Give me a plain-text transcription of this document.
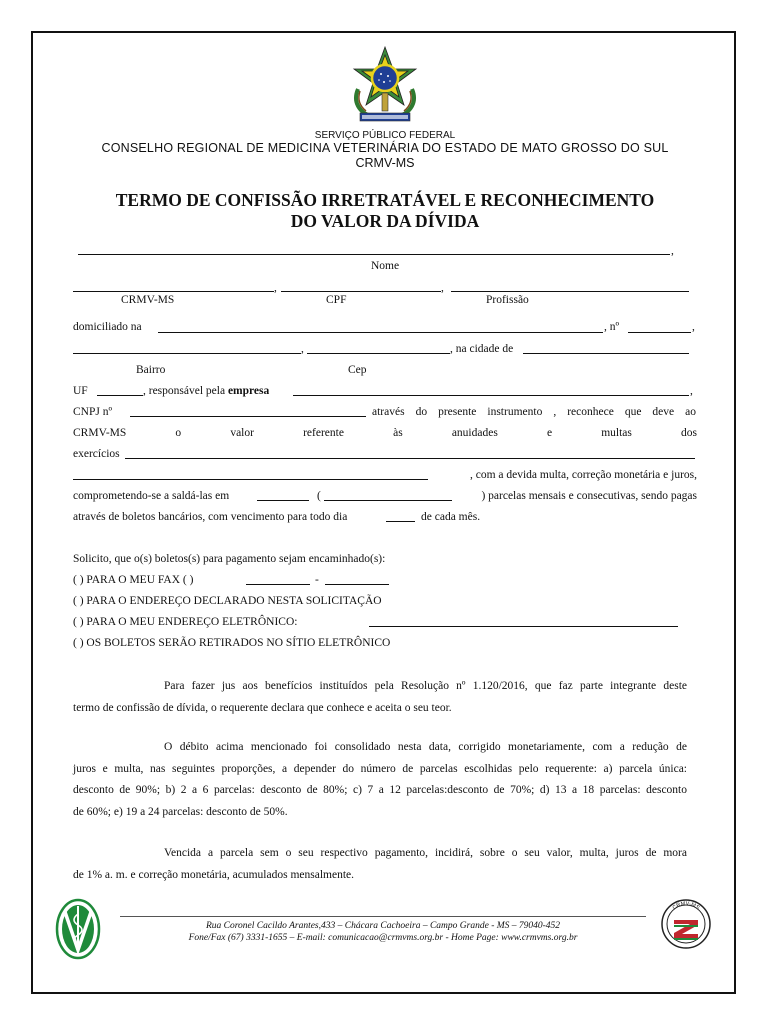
SERVIÇO PÚBLICO FEDERAL
CONSELHO REGIONAL DE MEDICINA VETERINÁRIA DO ESTADO DE MATO GROSSO DO SUL
CRMV-MS
TERMO DE CONFISSÃO IRRETRATÁVEL E RECONHECIMENTO
DO VALOR DA DÍVIDA
,
Nome
,	,
CRMV-MS	CPF	Profissão
domiciliado na	, nº	,
,	, na cidade de
Bairro	Cep
UF	, responsável pela empresa	,
CNPJ nº	através do presente instrumento , reconhece que deve ao
CRMV-MS	o	valor	referente	às	anuidades	e	multas	dos
exercícios
, com a devida multa, correção monetária e juros,
comprometendo-se a saldá-las em	(	) parcelas mensais e consecutivas, sendo pagas
através de boletos bancários, com vencimento para todo dia	de cada mês.
Solicito, que o(s) boletos(s) para pagamento sejam encaminhado(s):
( ) PARA O MEU FAX ( )	-
( ) PARA O ENDEREÇO DECLARADO NESTA SOLICITAÇÃO
( ) PARA O MEU ENDEREÇO ELETRÔNICO:
( ) OS BOLETOS SERÃO RETIRADOS NO SÍTIO ELETRÔNICO
Para fazer jus aos benefícios instituídos pela Resolução nº 1.120/2016, que faz parte integrante deste
termo de confissão de dívida, o requerente declara que conhece e aceita o seu teor.
O débito acima mencionado foi consolidado nesta data, corrigido monetariamente, com a redução de
juros e multa, nas seguintes proporções, a depender do número de parcelas escolhidas pelo requerente: a) parcela única:
desconto de 90%; b) 2 a 6 parcelas: desconto de 80%; c) 7 a 12 parcelas:desconto de 70%; d) 13 a 18 parcelas: desconto
de 60%; e) 19 a 24 parcelas: desconto de 50%.
Vencida a parcela sem o seu respectivo pagamento, incidirá, sobre o seu valor, multa, juros de mora
de 1% a. m. e correção monetária, acumulados mensalmente.
Rua Coronel Cacildo Arantes,433 – Chácara Cachoeira – Campo Grande - MS – 79040-452
Fone/Fax (67) 3331-1655 – E-mail: comunicacao@crmvms.org.br - Home Page: www.crmvms.org.br
CRMV-MS
